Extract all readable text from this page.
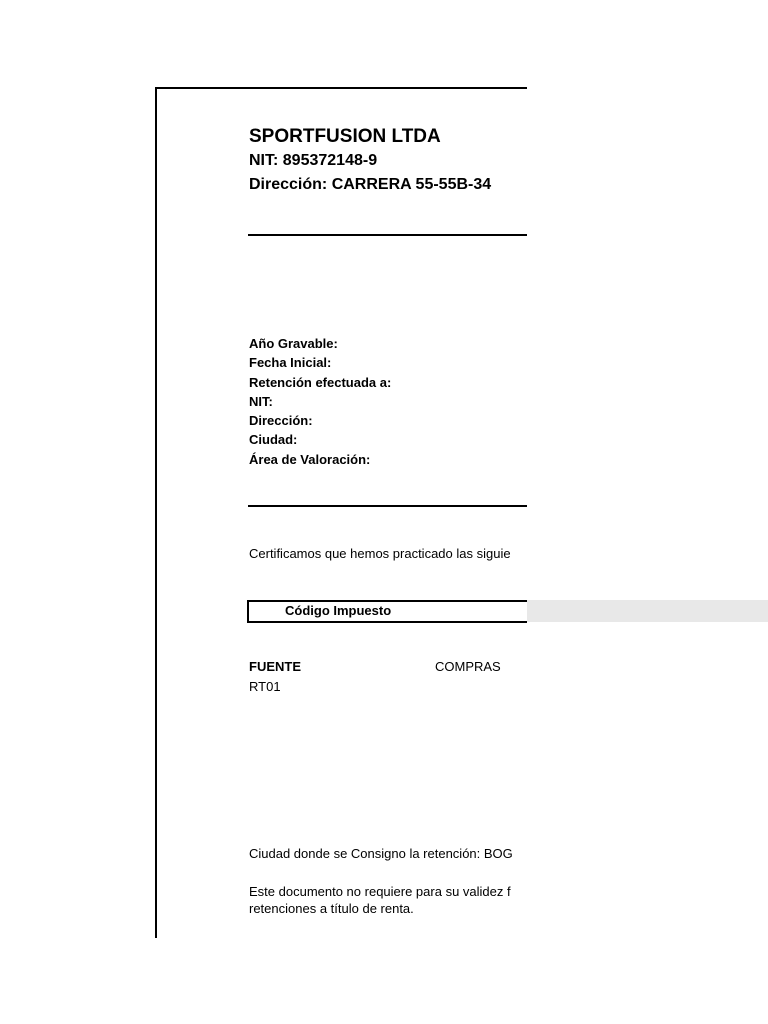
SPORTFUSION LTDA
NIT: 895372148-9
Dirección: CARRERA 55-55B-34
Año Gravable:
Fecha Inicial:
Retención efectuada a:
NIT:
Dirección:
Ciudad:
Área de Valoración:
Certificamos que hemos practicado las siguie
FUENTE	COMPRAS
RT01
Ciudad donde se Consigno la retención: BOG
Este documento no requiere para su validez f
retenciones a título de renta.
Código Impuesto
